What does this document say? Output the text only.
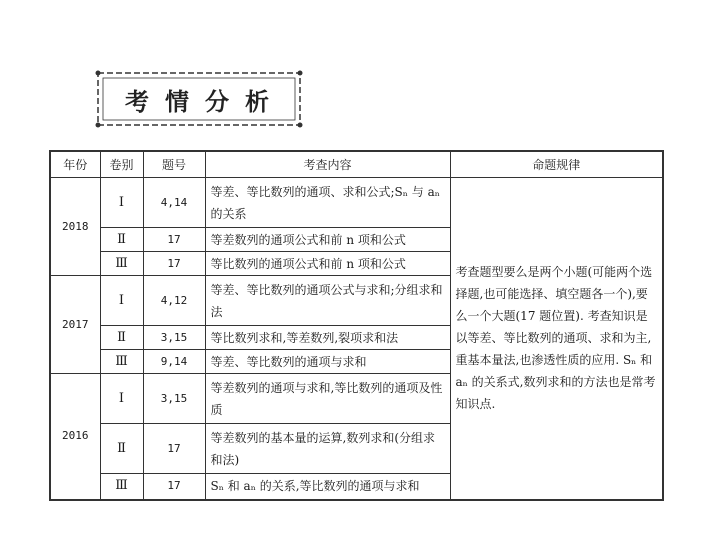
考情分析
年份	卷别	题号	考查内容	命题规律
2018	Ⅰ	4,14	等差、等比数列的通项、求和公式;Sₙ 与 aₙ 的关系	考查题型要么是两个小题(可能两个选择题,也可能选择、填空题各一个),要么一个大题(17 题位置). 考查知识是以等差、等比数列的通项、求和为主,重基本量法,也渗透性质的应用. Sₙ 和 aₙ 的关系式,数列求和的方法也是常考知识点.
	Ⅱ	17	等差数列的通项公式和前 n 项和公式	
	Ⅲ	17	等比数列的通项公式和前 n 项和公式	
2017	Ⅰ	4,12	等差、等比数列的通项公式与求和;分组求和法	
	Ⅱ	3,15	等比数列求和,等差数列,裂项求和法	
	Ⅲ	9,14	等差、等比数列的通项与求和	
2016	Ⅰ	3,15	等差数列的通项与求和,等比数列的通项及性质	
	Ⅱ	17	等差数列的基本量的运算,数列求和(分组求和法)	
	Ⅲ	17	Sₙ 和 aₙ 的关系,等比数列的通项与求和	
